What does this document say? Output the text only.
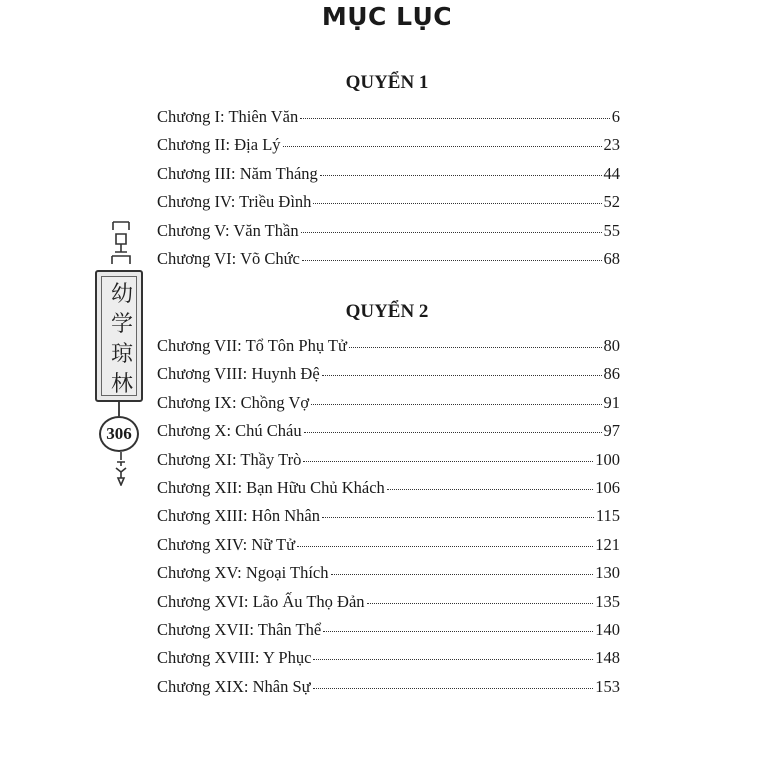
MỤC LỤC
QUYỂN 1
Chương I: Thiên Văn	6
Chương II: Địa Lý	23
Chương III: Năm Tháng	44
Chương IV: Triều Đình	52
Chương V: Văn Thần	55
Chương VI: Võ Chức	68
QUYỂN 2
Chương VII: Tổ Tôn Phụ Tử	80
Chương VIII: Huynh Đệ	86
Chương IX: Chồng Vợ	91
Chương X: Chú Cháu	97
Chương XI: Thầy Trò	100
Chương XII: Bạn Hữu Chủ Khách	106
Chương XIII: Hôn Nhân	115
Chương XIV: Nữ Tử	121
Chương XV: Ngoại Thích	130
Chương XVI: Lão Ấu Thọ Đản	135
Chương XVII: Thân Thể	140
Chương XVIII: Y Phục	148
Chương XIX: Nhân Sự	153
幼
学
琼
林
306
